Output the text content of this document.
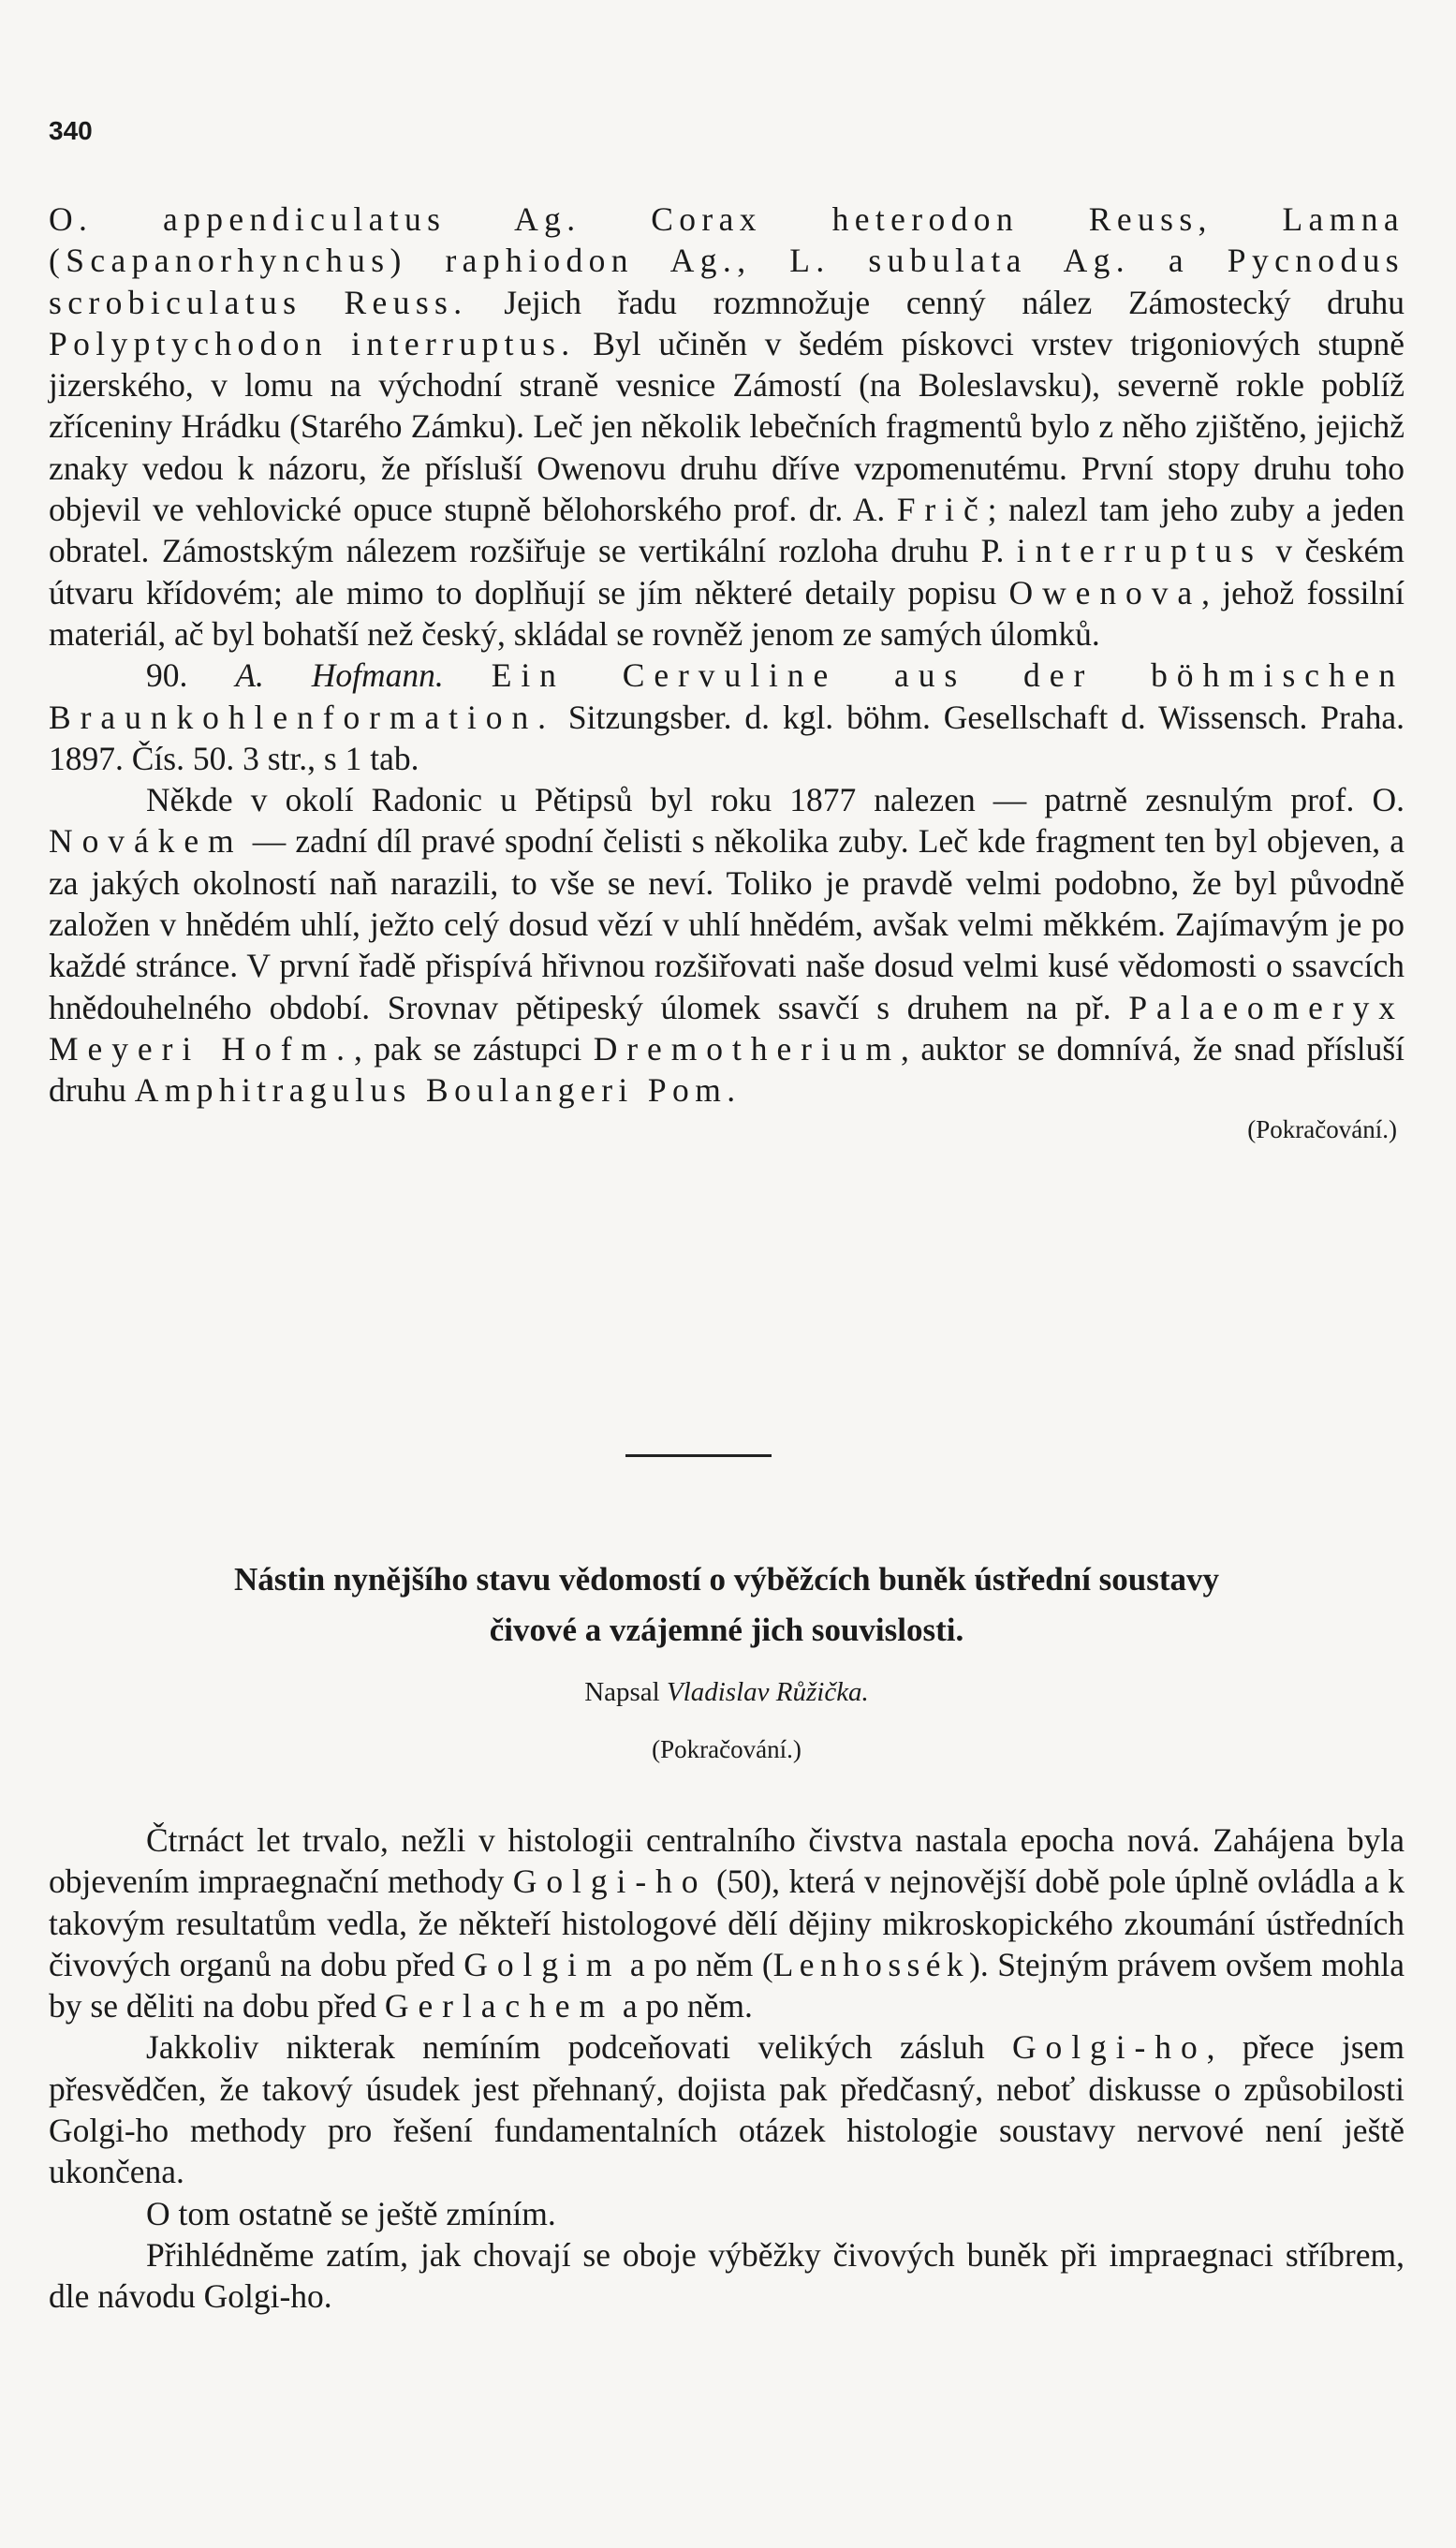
340

O. appendiculatus Ag. Corax heterodon Reuss, Lamna (Scapanorhynchus) raphiodon Ag., L. subulata Ag. a Pycnodus scrobiculatus Reuss. Jejich řadu rozmnožuje cenný nález Zámostecký druhu Polyptychodon interruptus. Byl učiněn v šedém pískovci vrstev trigoniových stupně jizerského, v lomu na východní straně vesnice Zámostí (na Boleslavsku), severně rokle poblíž zříceniny Hrádku (Starého Zámku). Leč jen několik lebečních fragmentů bylo z něho zjištěno, jejichž znaky vedou k názoru, že přísluší Owenovu druhu dříve vzpomenutému. První stopy druhu toho objevil ve vehlovické opuce stupně bělohorského prof. dr. A. Frič; nalezl tam jeho zuby a jeden obratel. Zámostským nálezem rozšiřuje se vertikální rozloha druhu P. interruptus v českém útvaru křídovém; ale mimo to doplňují se jím některé detaily popisu Owenova, jehož fossilní materiál, ač byl bohatší než český, skládal se rovněž jenom ze samých úlomků.

90. A. Hofmann. Ein Cervuline aus der böhmischen Braunkohlenformation. Sitzungsber. d. kgl. böhm. Gesellschaft d. Wissensch. Praha. 1897. Čís. 50. 3 str., s 1 tab.

Někde v okolí Radonic u Pětipsů byl roku 1877 nalezen — patrně zesnulým prof. O. Novákem — zadní díl pravé spodní čelisti s několika zuby. Leč kde fragment ten byl objeven, a za jakých okolností naň narazili, to vše se neví. Toliko je pravdě velmi podobno, že byl původně založen v hnědém uhlí, ježto celý dosud vězí v uhlí hnědém, avšak velmi měkkém. Zajímavým je po každé stránce. V první řadě přispívá hřivnou rozšiřovati naše dosud velmi kusé vědomosti o ssavcích hnědouhelného období. Srovnav pětipeský úlomek ssavčí s druhem na př. Palaeomeryx Meyeri Hofm., pak se zástupci Dremotherium, auktor se domnívá, že snad přísluší druhu Amphitragulus Boulangeri Pom.

(Pokračování.)

Nástin nynějšího stavu vědomostí o výběžcích buněk ústřední soustavy
čivové a vzájemné jich souvislosti.

Napsal Vladislav Růžička.
(Pokračování.)

Čtrnáct let trvalo, nežli v histologii centralního čivstva nastala epocha nová. Zahájena byla objevením impraegnační methody Golgi-ho (50), která v nejnovější době pole úplně ovládla a k takovým resultatům vedla, že někteří histologové dělí dějiny mikroskopického zkoumání ústředních čivových organů na dobu před Golgim a po něm (Lenhossék). Stejným právem ovšem mohla by se děliti na dobu před Gerlachem a po něm.

Jakkoliv nikterak nemíním podceňovati velikých zásluh Golgi-ho, přece jsem přesvědčen, že takový úsudek jest přehnaný, dojista pak předčasný, neboť diskusse o způsobilosti Golgi-ho methody pro řešení fundamentalních otázek histologie soustavy nervové není ještě ukončena.

O tom ostatně se ještě zmíním.

Přihlédněme zatím, jak chovají se oboje výběžky čivových buněk při impraegnaci stříbrem, dle návodu Golgi-ho.
